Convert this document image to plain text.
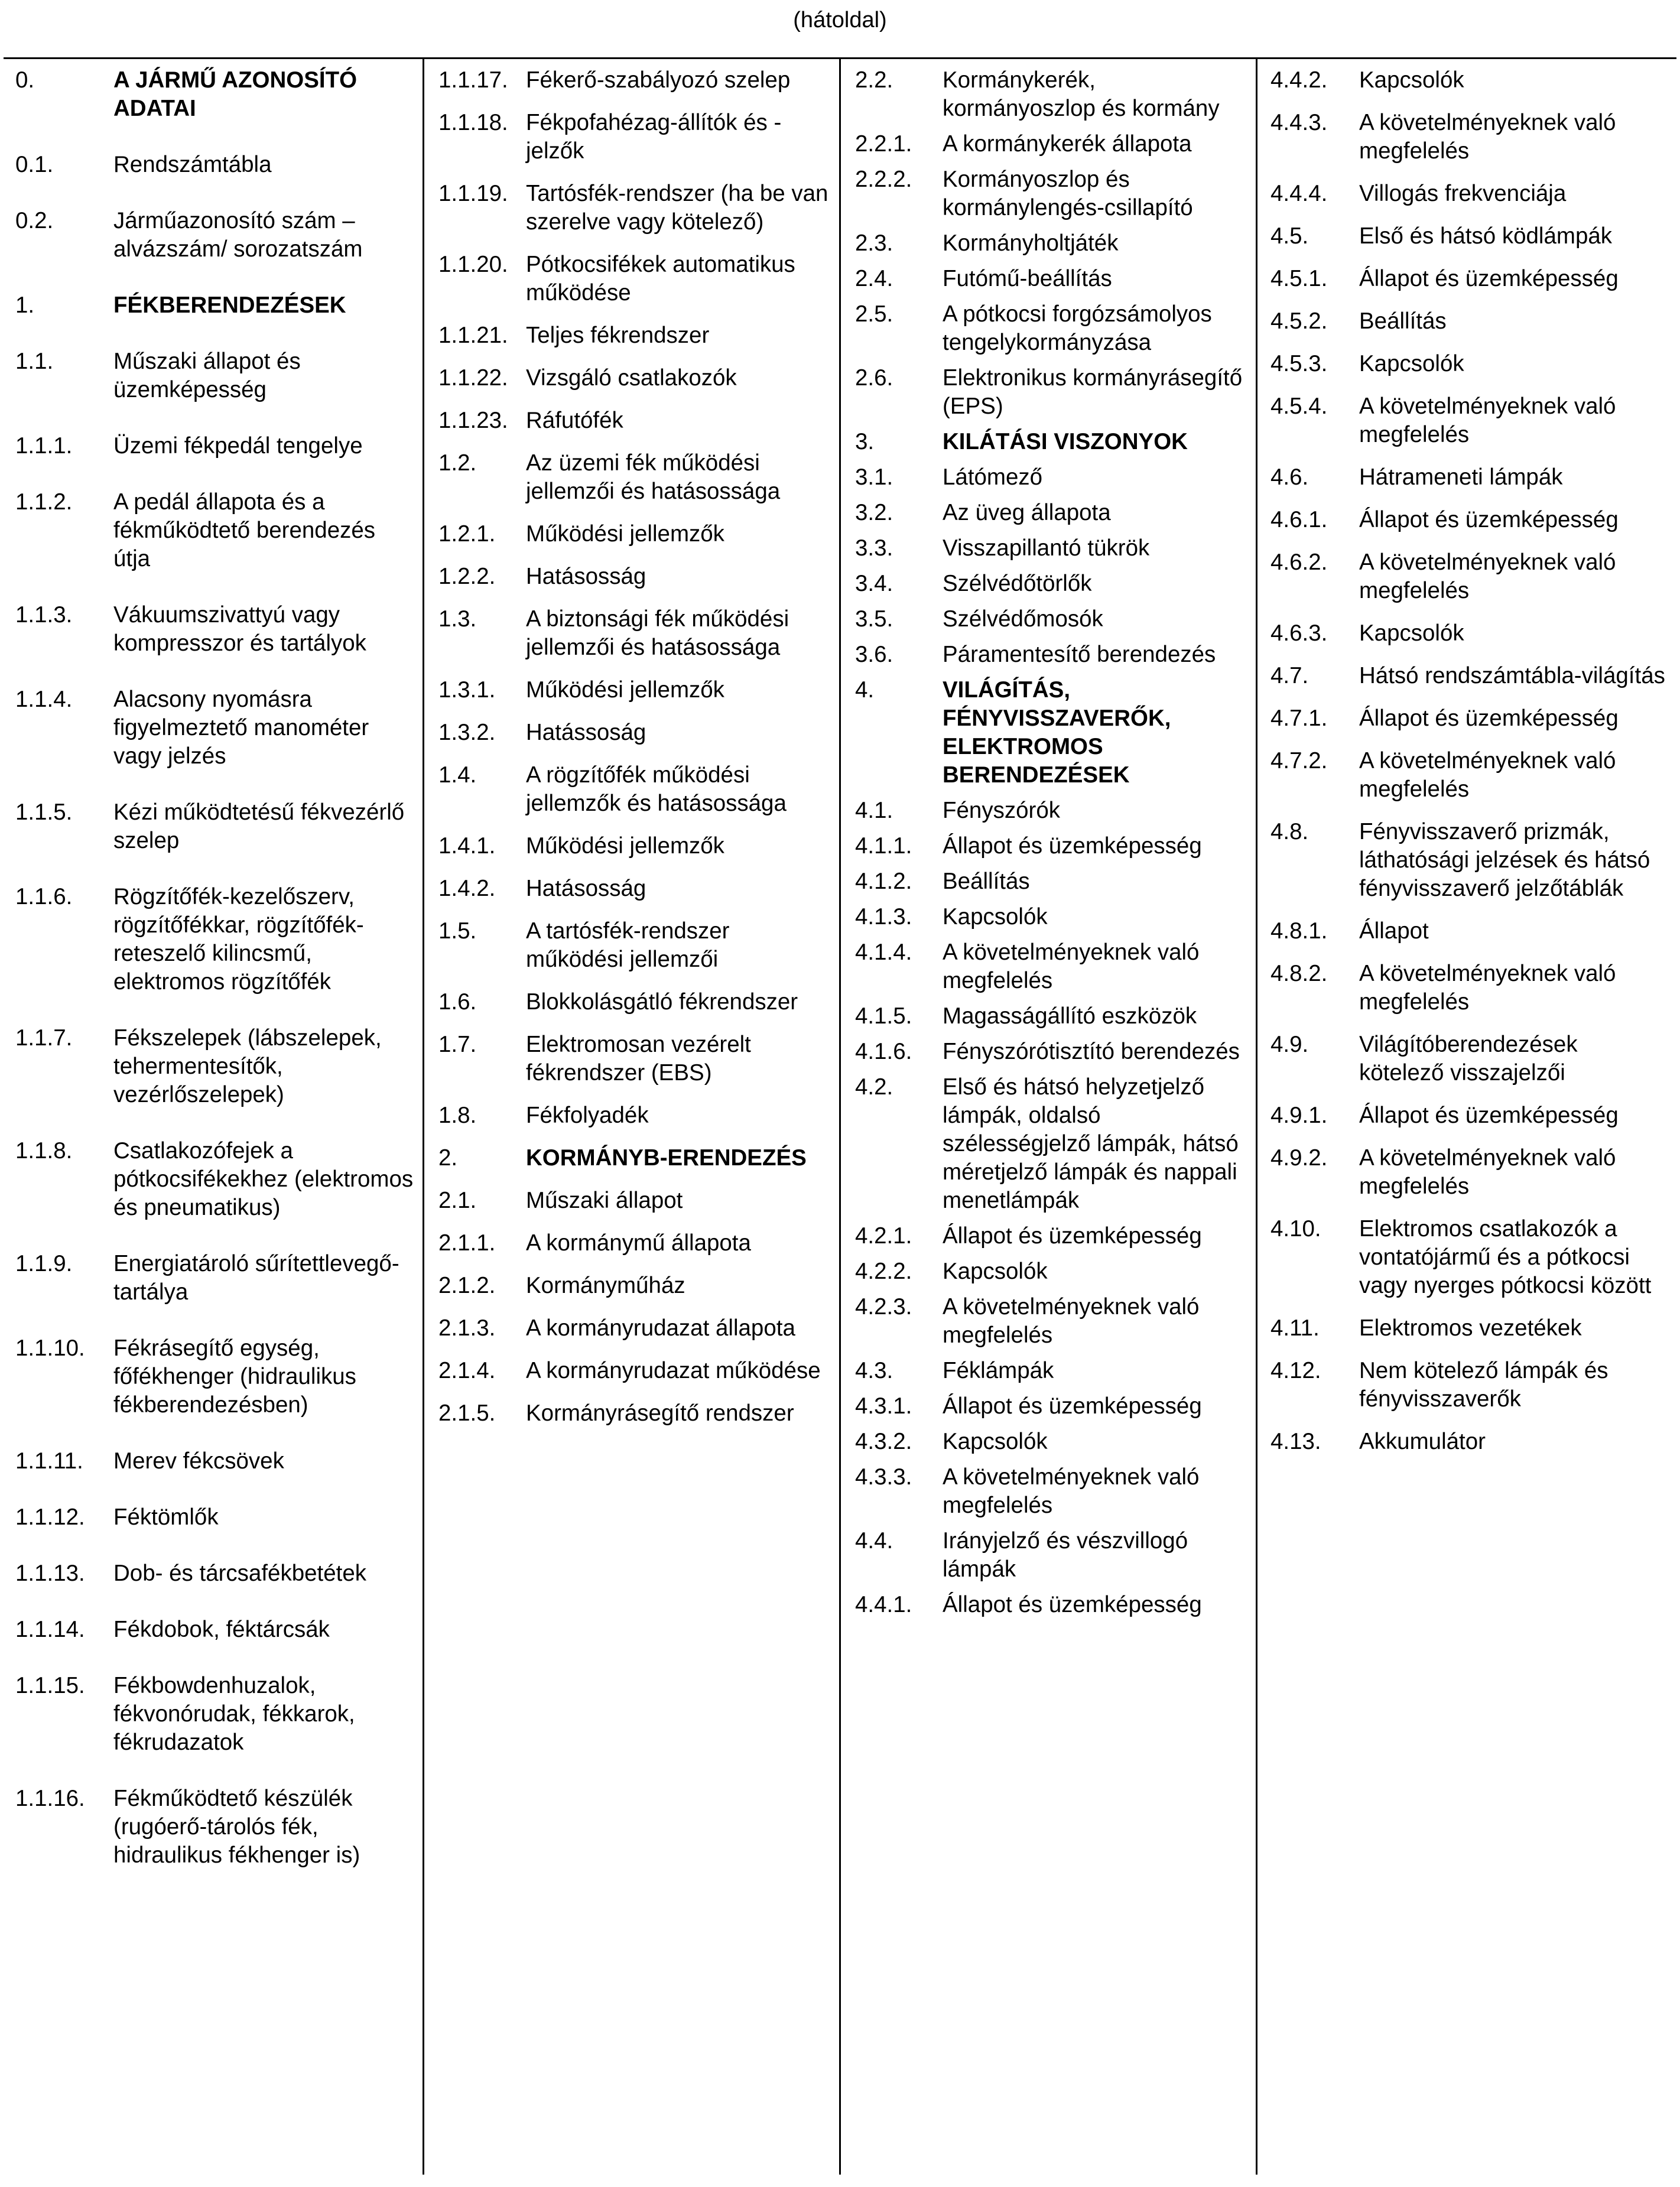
(hátoldal)
0.	A JÁRMŰ AZONOSÍTÓ ADATAI
0.1.	Rendszámtábla
0.2.	Járműazonosító szám – alvázszám/ sorozatszám
1.	FÉKBERENDEZÉSEK
1.1.	Műszaki állapot és üzemképesség
1.1.1.	Üzemi fékpedál tengelye
1.1.2.	A pedál állapota és a fékműködtető berendezés útja
1.1.3.	Vákuumszivattyú vagy kompresszor és tartályok
1.1.4.	Alacsony nyomásra figyelmeztető manométer vagy jelzés
1.1.5.	Kézi működtetésű fékvezérlő szelep
1.1.6.	Rögzítőfék-kezelőszerv, rögzítőfékkar, rögzítőfék-reteszelő kilincsmű, elektromos rögzítőfék
1.1.7.	Fékszelepek (lábszelepek, tehermentesítők, vezérlőszelepek)
1.1.8.	Csatlakozófejek a pótkocsifékekhez (elektromos és pneumatikus)
1.1.9.	Energiatároló sűrítettlevegő-tartálya
1.1.10.	Fékrásegítő egység, főfékhenger (hidraulikus fékberendezésben)
1.1.11.	Merev fékcsövek
1.1.12.	Féktömlők
1.1.13.	Dob- és tárcsafékbetétek
1.1.14.	Fékdobok, féktárcsák
1.1.15.	Fékbowdenhuzalok, fékvonórudak, fékkarok, fékrudazatok
1.1.16.	Fékműködtető készülék (rugóerő-tárolós fék, hidraulikus fékhenger is)
1.1.17. Fékerő-szabályozó szelep
1.1.18. Fékpofahézag-állítók és -jelzők
1.1.19. Tartósfék-rendszer (ha be van szerelve vagy kötelező)
1.1.20. Pótkocsifékek automatikus működése
1.1.21. Teljes fékrendszer
1.1.22. Vizsgáló csatlakozók
1.1.23. Ráfutófék
1.2.	Az üzemi fék működési jellemzői és hatásossága
1.2.1.	Működési jellemzők
1.2.2.	Hatásosság
1.3.	A biztonsági fék működési jellemzői és hatásossága
1.3.1.	Működési jellemzők
1.3.2.	Hatássoság
1.4.	A rögzítőfék működési jellemzők és hatásossága
1.4.1.	Működési jellemzők
1.4.2.	Hatásosság
1.5.	A tartósfék-rendszer működési jellemzői
1.6.	Blokkolásgátló fékrendszer
1.7.	Elektromosan vezérelt fékrendszer (EBS)
1.8.	Fékfolyadék
2.	KORMÁNYB-ERENDEZÉS
2.1.	Műszaki állapot
2.1.1.	A kormánymű állapota
2.1.2.	Kormányműház
2.1.3.	A kormányrudazat állapota
2.1.4.	A kormányrudazat működése
2.1.5.	Kormányrásegítő rendszer
2.2.	Kormánykerék, kormányoszlop és kormány
2.2.1.	A kormánykerék állapota
2.2.2.	Kormányoszlop és kormánylengés-csillapító
2.3.	Kormányholtjáték
2.4.	Futómű-beállítás
2.5.	A pótkocsi forgózsámolyos tengelykormányzása
2.6.	Elektronikus kormányrásegítő (EPS)
3.	KILÁTÁSI VISZONYOK
3.1.	Látómező
3.2.	Az üveg állapota
3.3.	Visszapillantó tükrök
3.4.	Szélvédőtörlők
3.5.	Szélvédőmosók
3.6.	Páramentesítő berendezés
4.	VILÁGÍTÁS, FÉNYVISSZAVERŐK, ELEKTROMOS BERENDEZÉSEK
4.1.	Fényszórók
4.1.1.	Állapot és üzemképesség
4.1.2.	Beállítás
4.1.3.	Kapcsolók
4.1.4.	A követelményeknek való megfelelés
4.1.5.	Magasságállító eszközök
4.1.6.	Fényszórótisztító berendezés
4.2.	Első és hátsó helyzetjelző lámpák, oldalsó szélességjelző lámpák, hátsó méretjelző lámpák és nappali menetlámpák
4.2.1.	Állapot és üzemképesség
4.2.2.	Kapcsolók
4.2.3.	A követelményeknek való megfelelés
4.3.	Féklámpák
4.3.1.	Állapot és üzemképesség
4.3.2.	Kapcsolók
4.3.3.	A követelményeknek való megfelelés
4.4.	Irányjelző és vészvillogó lámpák
4.4.1.	Állapot és üzemképesség
4.4.2.	Kapcsolók
4.4.3.	A követelményeknek való megfelelés
4.4.4.	Villogás frekvenciája
4.5.	Első és hátsó ködlámpák
4.5.1.	Állapot és üzemképesség
4.5.2.	Beállítás
4.5.3.	Kapcsolók
4.5.4.	A követelményeknek való megfelelés
4.6.	Hátrameneti lámpák
4.6.1.	Állapot és üzemképesség
4.6.2.	A követelményeknek való megfelelés
4.6.3.	Kapcsolók
4.7.	Hátsó rendszámtábla-világítás
4.7.1.	Állapot és üzemképesség
4.7.2.	A követelményeknek való megfelelés
4.8.	Fényvisszaverő prizmák, láthatósági jelzések és hátsó fényvisszaverő jelzőtáblák
4.8.1.	Állapot
4.8.2.	A követelményeknek való megfelelés
4.9.	Világítóberendezések kötelező visszajelzői
4.9.1.	Állapot és üzemképesség
4.9.2.	A követelményeknek való megfelelés
4.10.	Elektromos csatlakozók a vontatójármű és a pótkocsi vagy nyerges pótkocsi között
4.11.	Elektromos vezetékek
4.12.	Nem kötelező lámpák és fényvisszaverők
4.13.	Akkumulátor
